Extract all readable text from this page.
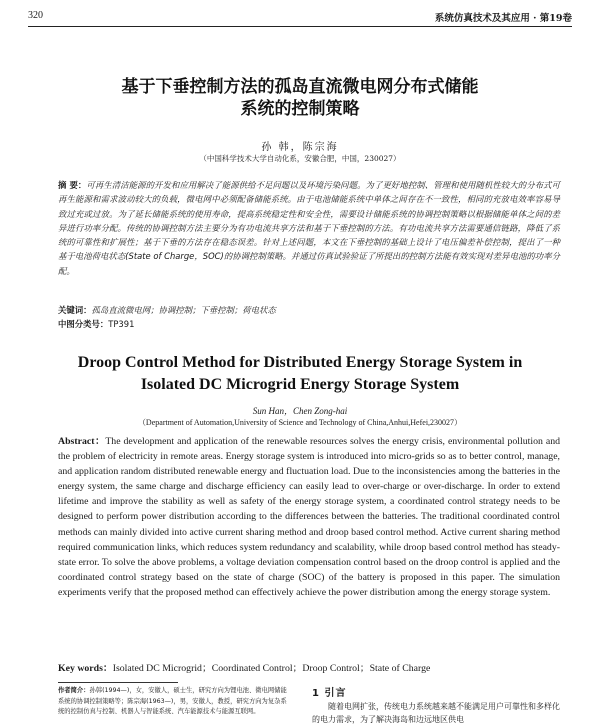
320	系统仿真技术及其应用 · 第19卷
基于下垂控制方法的孤岛直流微电网分布式储能
系统的控制策略
孙 韩，陈宗海
（中国科学技术大学自动化系，安徽合肥，中国，230027）
摘 要：可再生清洁能源的开发和应用解决了能源供给不足问题以及环境污染问题。为了更好地控制、管理和使用随机性较大的分布式可再生能源和需求波动较大的负载，微电网中必须配备储能系统。由于电池储能系统中单体之间存在不一致性，相同的充放电效率容易导致过充或过放。为了延长储能系统的使用寿命，提高系统稳定性和安全性，需要设计储能系统的协调控制策略以根据储能单体之间的差异进行功率分配。传统的协调控制方法主要分为有功电流共享方法和基于下垂控制的方法。有功电流共享方法需要通信链路，降低了系统的可靠性和扩展性；基于下垂的方法存在稳态误差。针对上述问题，本文在下垂控制的基础上设计了电压偏差补偿控制，提出了一种基于电池荷电状态(State of Charge，SOC)的协调控制策略。并通过仿真试验验证了所提出的控制方法能有效实现对差异电池的功率分配。
关键词：孤岛直流微电网；协调控制；下垂控制；荷电状态
中图分类号：TP391
Droop Control Method for Distributed Energy Storage System in
Isolated DC Microgrid Energy Storage System
Sun Han，Chen Zong-hai
（Department of Automation,University of Science and Technology of China,Anhui,Hefei,230027）
Abstract：The development and application of the renewable resources solves the energy crisis, environmental pollution and the problem of electricity in remote areas. Energy storage system is introduced into micro-grids so as to better control, manage, and application random distributed renewable energy and fluctuation load. Due to the inconsistencies among the batteries in the energy system, the same charge and discharge efficiency can easily lead to over-charge or over-discharge. In order to extend lifetime and improve the stability as well as safety of the energy storage system, a coordinated control strategy needs to be designed to perform power distribution according to the differences between the batteries. The traditional coordinated control methods can mainly divided into active current sharing method and droop based control method. Active current sharing method required communication links, which reduces system redundancy and scalability, while droop based control method has steady-state error. To solve the above problems, a voltage deviation compensation control based on the droop control is applied and the coordinated control strategy based on the state of charge (SOC) of the battery is proposed in this paper. The simulation experiments verify that the proposed method can effectively achieve the power distribution among the energy storage system.
Key words：Isolated DC Microgrid；Coordinated Control；Droop Control；State of Charge
作者简介：孙韩(1994—)，女，安徽人，硕士生，研究方向为锂电池、微电网储能系统的协调控制策略等；陈宗海(1963—)，男，安徽人，教授，研究方向为复杂系统的控制仿真与控制、机器人与智能系统、汽车能源技术与能源互联网。
1 引言
随着电网扩张，传统电力系统越来越不能满足用户可靠性和多样化的电力需求，为了解决海岛和边远地区供电
